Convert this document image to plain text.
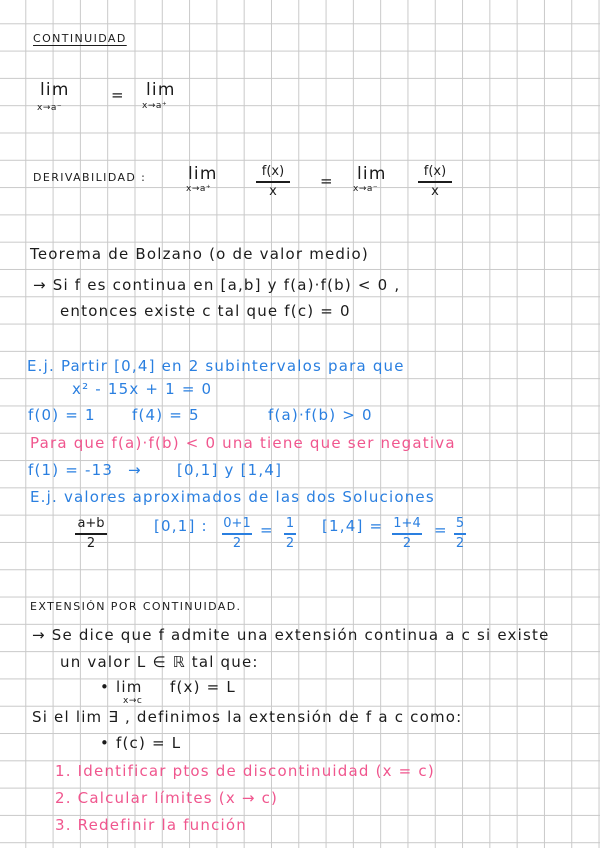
CONTINUIDAD
lim
x→a⁻
= lim
x→a⁺
DERIVABILIDAD : lim
x→a⁺
f(x)
x
= lim
x→a⁻
f(x)
x
Teorema de Bolzano (o de valor medio)
→ Si f es continua en [a,b] y f(a)·f(b) < 0 ,
entonces existe c tal que f(c) = 0
E.j. Partir [0,4] en 2 subintervalos para que
x² - 15x + 1 = 0
f(0) = 1 f(4) = 5	f(a)·f(b) > 0
Para que f(a)·f(b) < 0 una tiene que ser negativa
f(1) = -13 → [0,1] y [1,4]
E.j. valores aproximados de las dos Soluciones
a+b
2
[0,1] :	0+1
2
= 1
2
[1,4] = 1+4
2
= 5
2
EXTENSIÓN POR CONTINUIDAD.
→ Se dice que f admite una extensión continua a c si existe
un valor L ∈ ℝ tal que:
• lim
x→c
f(x) = L
Si el lim ∃ , definimos la extensión de f a c como:
• f(c) = L
1. Identificar ptos de discontinuidad (x = c)
2. Calcular límites (x → c)
3. Redefinir la función
